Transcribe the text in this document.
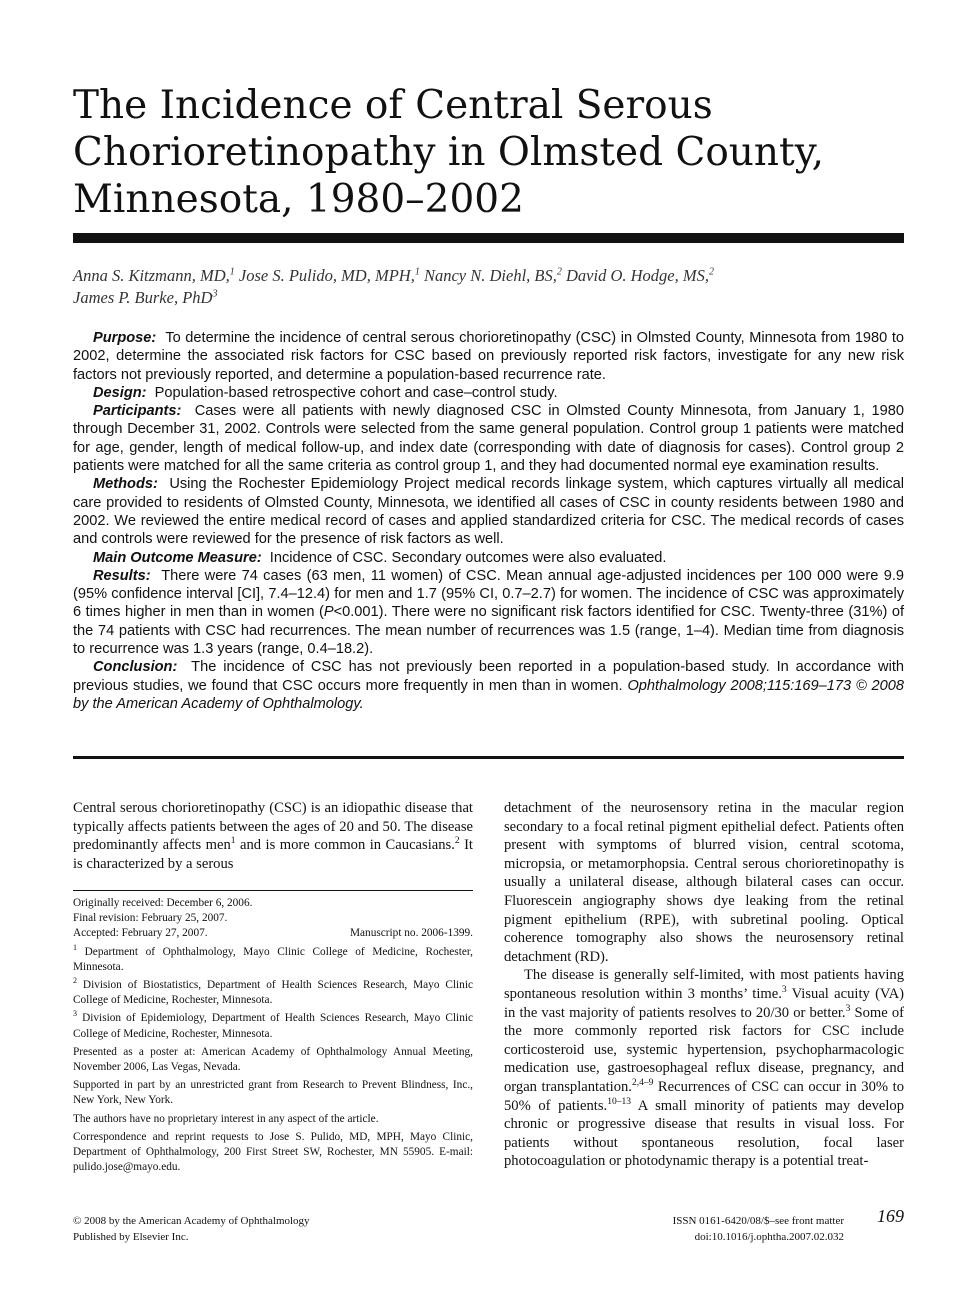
The Incidence of Central Serous Chorioretinopathy in Olmsted County, Minnesota, 1980–2002
Anna S. Kitzmann, MD,$^1$ Jose S. Pulido, MD, MPH,$^1$ Nancy N. Diehl, BS,$^2$ David O. Hodge, MS,$^2$
James P. Burke, PhD$^3$

Purpose: To determine the incidence of central serous chorioretinopathy (CSC) in Olmsted County, Minnesota from 1980 to 2002, determine the associated risk factors for CSC based on previously reported risk factors, investigate for any new risk factors not previously reported, and determine a population-based recurrence rate.

Design: Population-based retrospective cohort and case–control study.

Participants: Cases were all patients with newly diagnosed CSC in Olmsted County Minnesota, from January 1, 1980 through December 31, 2002. Controls were selected from the same general population. Control group 1 patients were matched for age, gender, length of medical follow-up, and index date (corresponding with date of diagnosis for cases). Control group 2 patients were matched for all the same criteria as control group 1, and they had documented normal eye examination results.

Methods: Using the Rochester Epidemiology Project medical records linkage system, which captures virtually all medical care provided to residents of Olmsted County, Minnesota, we identified all cases of CSC in county residents between 1980 and 2002. We reviewed the entire medical record of cases and applied standardized criteria for CSC. The medical records of cases and controls were reviewed for the presence of risk factors as well.

Main Outcome Measure: Incidence of CSC. Secondary outcomes were also evaluated.

Results: There were 74 cases (63 men, 11 women) of CSC. Mean annual age-adjusted incidences per 100 000 were 9.9 (95% confidence interval [CI], 7.4–12.4) for men and 1.7 (95% CI, 0.7–2.7) for women. The incidence of CSC was approximately 6 times higher in men than in women (P<0.001). There were no significant risk factors identified for CSC. Twenty-three (31%) of the 74 patients with CSC had recurrences. The mean number of recurrences was 1.5 (range, 1–4). Median time from diagnosis to recurrence was 1.3 years (range, 0.4–18.2).

Conclusion: The incidence of CSC has not previously been reported in a population-based study. In accordance with previous studies, we found that CSC occurs more frequently in men than in women. Ophthalmology 2008;115:169–173 © 2008 by the American Academy of Ophthalmology.

Central serous chorioretinopathy (CSC) is an idiopathic disease that typically affects patients between the ages of 20 and 50. The disease predominantly affects men$^1$ and is more common in Caucasians.$^2$ It is characterized by a serous

Originally received: December 6, 2006.
Final revision: February 25, 2007.
Accepted: February 27, 2007.	Manuscript no. 2006-1399.

$^1$ Department of Ophthalmology, Mayo Clinic College of Medicine, Rochester, Minnesota.

$^2$ Division of Biostatistics, Department of Health Sciences Research, Mayo Clinic College of Medicine, Rochester, Minnesota.

$^3$ Division of Epidemiology, Department of Health Sciences Research, Mayo Clinic College of Medicine, Rochester, Minnesota.

Presented as a poster at: American Academy of Ophthalmology Annual Meeting, November 2006, Las Vegas, Nevada.

Supported in part by an unrestricted grant from Research to Prevent Blindness, Inc., New York, New York.

The authors have no proprietary interest in any aspect of the article.

Correspondence and reprint requests to Jose S. Pulido, MD, MPH, Mayo Clinic, Department of Ophthalmology, 200 First Street SW, Rochester, MN 55905. E-mail: pulido.jose@mayo.edu.

detachment of the neurosensory retina in the macular region secondary to a focal retinal pigment epithelial defect. Patients often present with symptoms of blurred vision, central scotoma, micropsia, or metamorphopsia. Central serous chorioretinopathy is usually a unilateral disease, although bilateral cases can occur. Fluorescein angiography shows dye leaking from the retinal pigment epithelium (RPE), with subretinal pooling. Optical coherence tomography also shows the neurosensory retinal detachment (RD).

The disease is generally self-limited, with most patients having spontaneous resolution within 3 months’ time.$^3$ Visual acuity (VA) in the vast majority of patients resolves to 20/30 or better.$^3$ Some of the more commonly reported risk factors for CSC include corticosteroid use, systemic hypertension, psychopharmacologic medication use, gastroesophageal reflux disease, pregnancy, and organ transplantation.$^{2,4-9}$ Recurrences of CSC can occur in 30% to 50% of patients.$^{10-13}$ A small minority of patients may develop chronic or progressive disease that results in visual loss. For patients without spontaneous resolution, focal laser photocoagulation or photodynamic therapy is a potential treat-

© 2008 by the American Academy of Ophthalmology
Published by Elsevier Inc.
ISSN 0161-6420/08/$–see front matter
doi:10.1016/j.ophtha.2007.02.032
169
